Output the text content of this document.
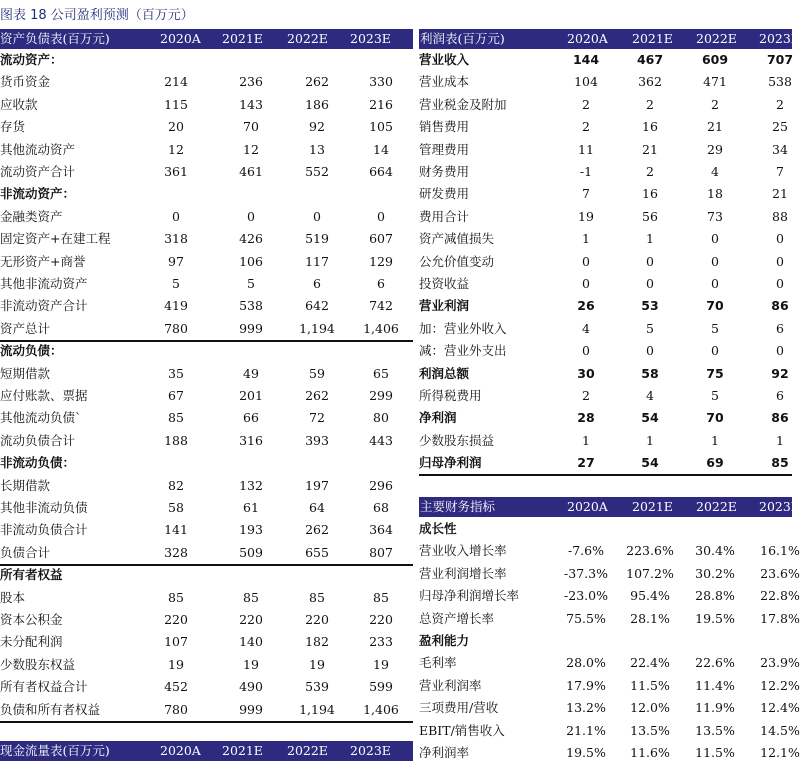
图表 18 公司盈利预测（百万元）
资产负债表(百万元)	2020A 2021E 2022E 2023E
流动资产：
货币资金	214	236	262	330
应收款	115	143	186	216
存货	20	70	92	105
其他流动资产	12	12	13	14
流动资产合计	361	461	552	664
非流动资产：
金融类资产	0	0	0	0
固定资产+在建工程	318	426	519	607
无形资产+商誉	97	106	117	129
其他非流动资产	5	5	6	6
非流动资产合计	419	538	642	742
资产总计	780	999	1,194	1,406
流动负债：
短期借款	35	49	59	65
应付账款、票据	67	201	262	299
其他流动负债`	85	66	72	80
流动负债合计	188	316	393	443
非流动负债：
长期借款	82	132	197	296
其他非流动负债	58	61	64	68
非流动负债合计	141	193	262	364
负债合计	328	509	655	807
所有者权益
股本	85	85	85	85
资本公积金	220	220	220	220
未分配利润	107	140	182	233
少数股东权益	19	19	19	19
所有者权益合计	452	490	539	599
负债和所有者权益	780	999	1,194	1,406
利润表(百万元)	2020A 2021E 2022E 2023E
营业收入	144	467	609	707
营业成本	104	362	471	538
营业税金及附加	2	2	2	2
销售费用	2	16	21	25
管理费用	11	21	29	34
财务费用	-1	2	4	7
研发费用	7	16	18	21
费用合计	19	56	73	88
资产减值损失	1	1	0	0
公允价值变动	0	0	0	0
投资收益	0	0	0	0
营业利润	26	53	70	86
加：营业外收入	4	5	5	6
减：营业外支出	0	0	0	0
利润总额	30	58	75	92
所得税费用	2	4	5	6
净利润	28	54	70	86
少数股东损益	1	1	1	1
归母净利润	27	54	69	85
主要财务指标	2020A 2021E 2022E 2023E
成长性
营业收入增长率	-7.6%	223.6%	30.4%	16.1%
营业利润增长率	-37.3%	107.2%	30.2%	23.6%
归母净利润增长率	-23.0%	95.4%	28.8%	22.8%
总资产增长率	75.5%	28.1%	19.5%	17.8%
盈利能力
毛利率	28.0%	22.4%	22.6%	23.9%
营业利润率	17.9%	11.5%	11.4%	12.2%
三项费用/营收	13.2%	12.0%	11.9%	12.4%
EBIT/销售收入	21.1%	13.5%	13.5%	14.5%
净利润率	19.5%	11.6%	11.5%	12.1%
现金流量表(百万元)	2020A 2021E 2022E 2023E
